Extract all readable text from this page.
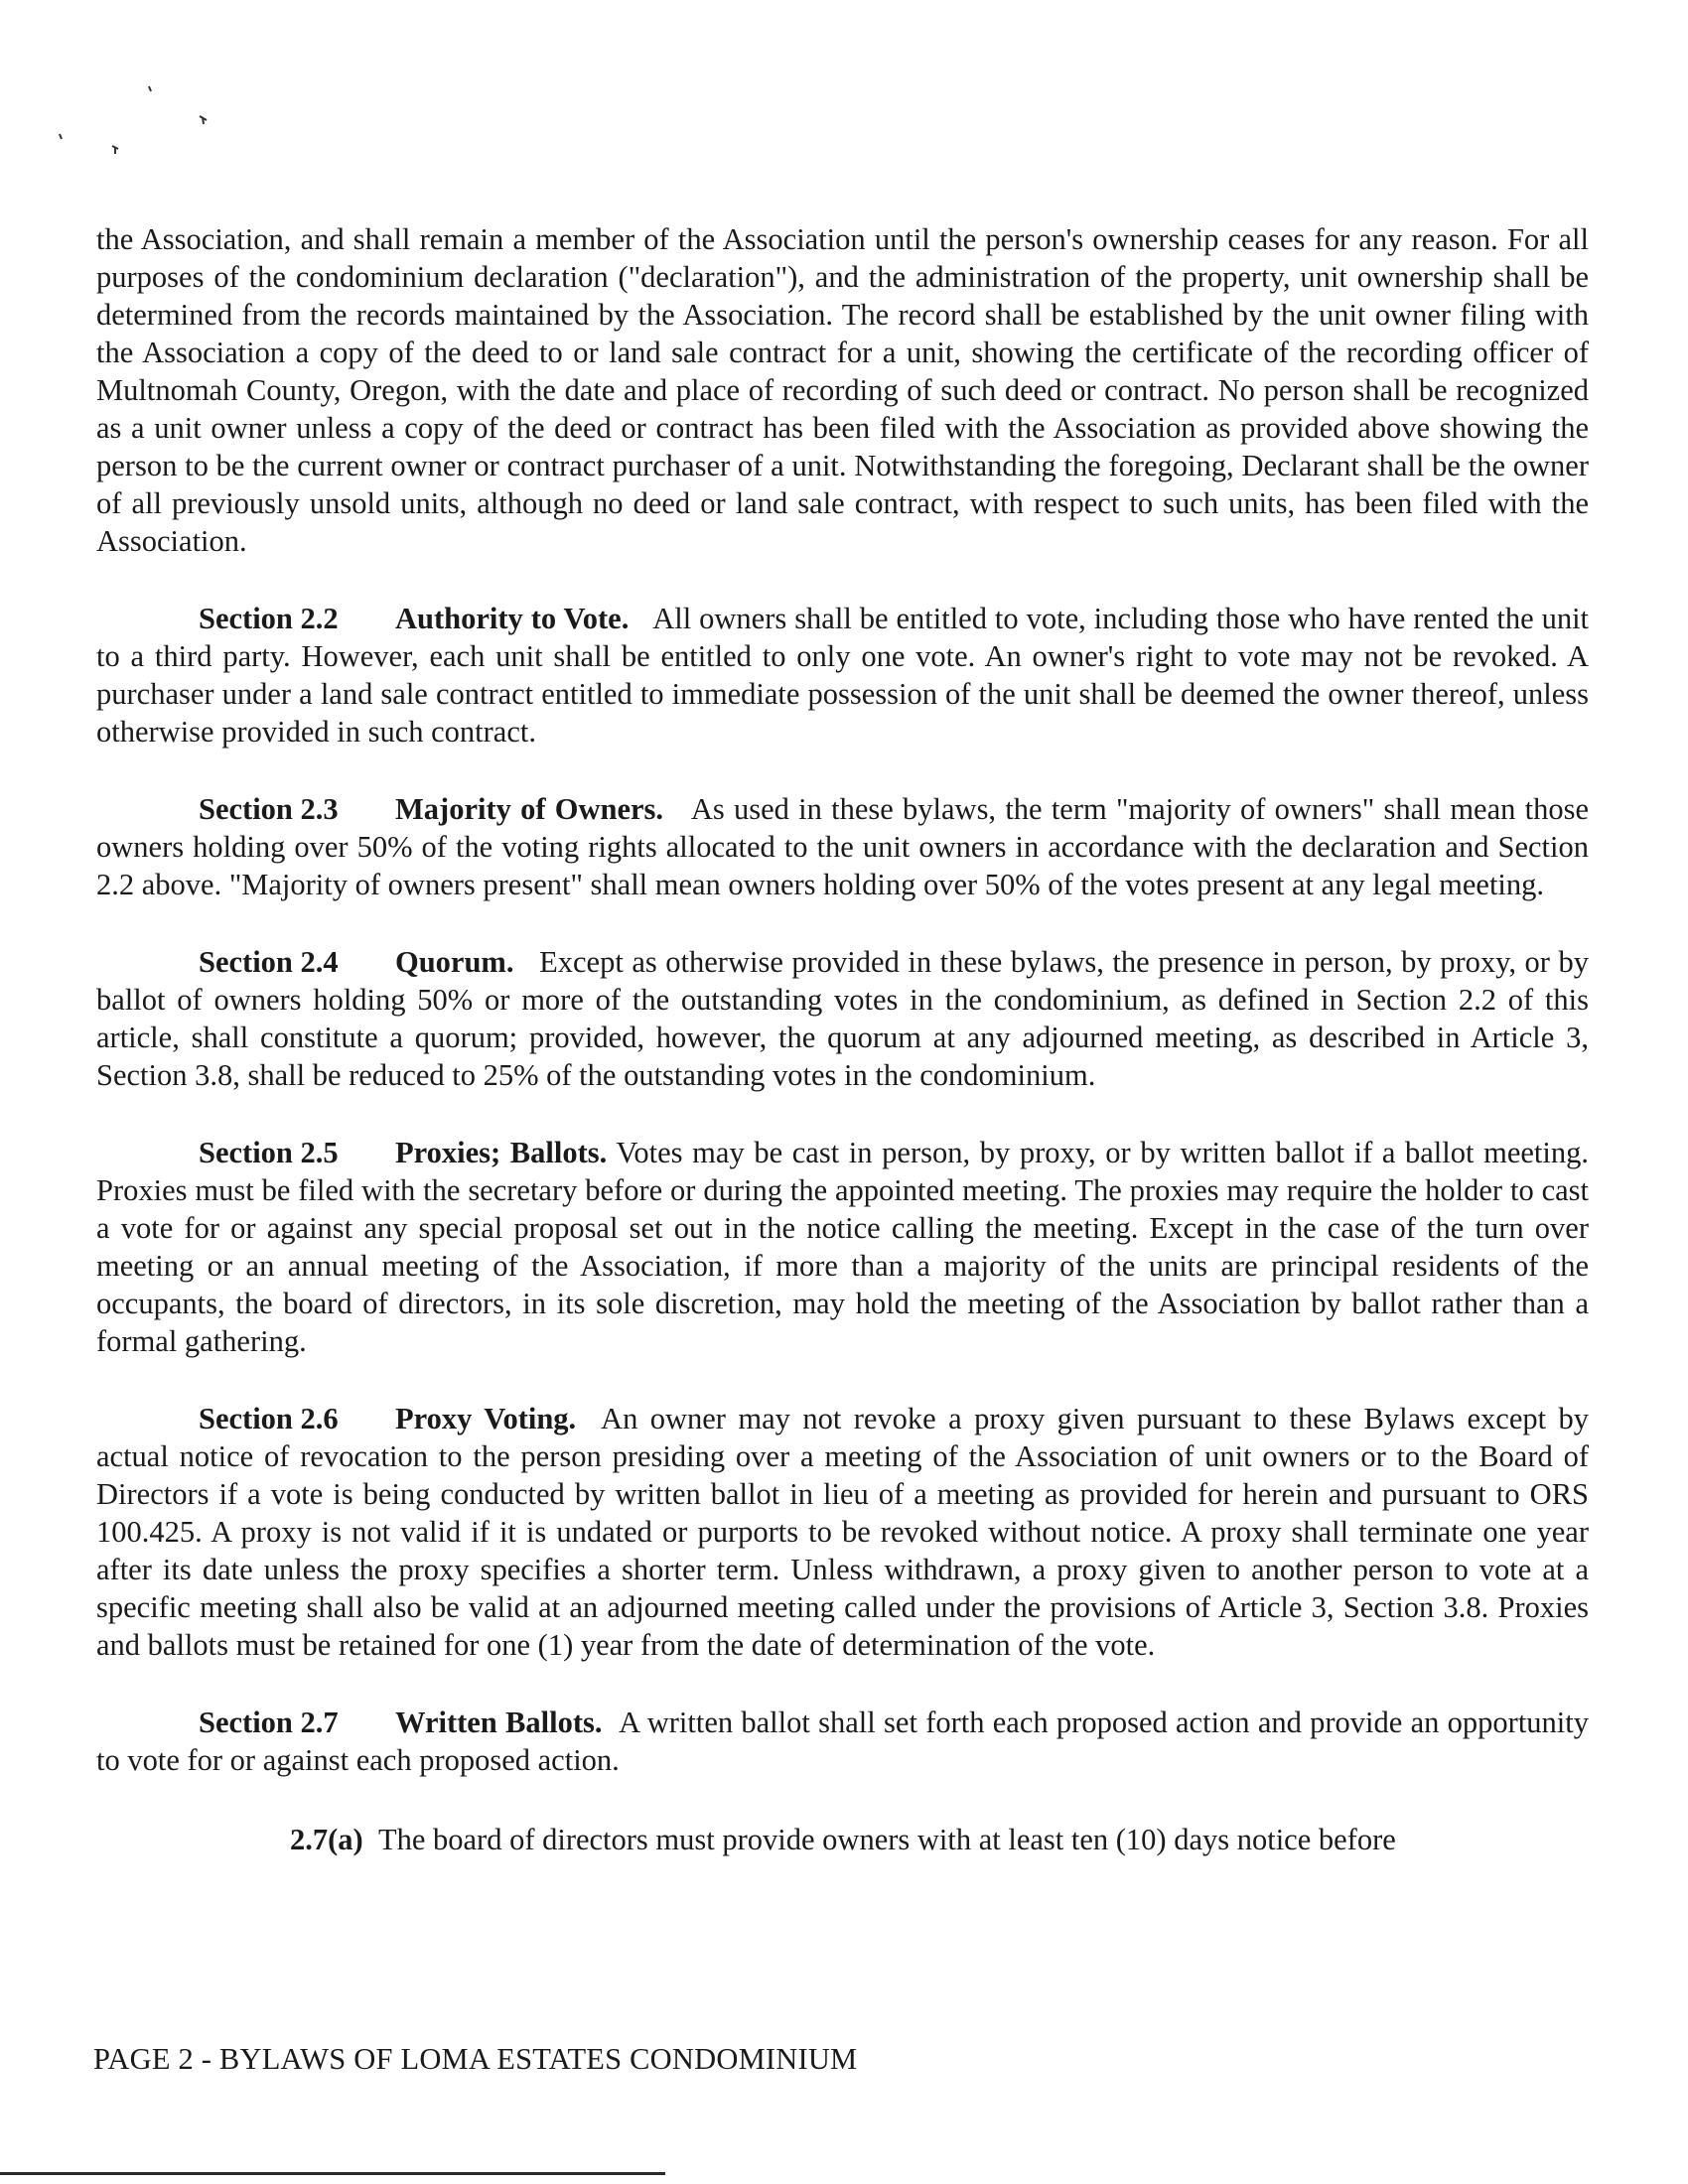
the Association, and shall remain a member of the Association until the person's ownership ceases for any reason. For all purposes of the condominium declaration ("declaration"), and the administration of the property, unit ownership shall be determined from the records maintained by the Association. The record shall be established by the unit owner filing with the Association a copy of the deed to or land sale contract for a unit, showing the certificate of the recording officer of Multnomah County, Oregon, with the date and place of recording of such deed or contract. No person shall be recognized as a unit owner unless a copy of the deed or contract has been filed with the Association as provided above showing the person to be the current owner or contract purchaser of a unit. Notwithstanding the foregoing, Declarant shall be the owner of all previously unsold units, although no deed or land sale contract, with respect to such units, has been filed with the Association.

Section 2.2 Authority to Vote. All owners shall be entitled to vote, including those who have rented the unit to a third party. However, each unit shall be entitled to only one vote. An owner's right to vote may not be revoked. A purchaser under a land sale contract entitled to immediate possession of the unit shall be deemed the owner thereof, unless otherwise provided in such contract.

Section 2.3 Majority of Owners. As used in these bylaws, the term "majority of owners" shall mean those owners holding over 50% of the voting rights allocated to the unit owners in accordance with the declaration and Section 2.2 above. "Majority of owners present" shall mean owners holding over 50% of the votes present at any legal meeting.

Section 2.4 Quorum. Except as otherwise provided in these bylaws, the presence in person, by proxy, or by ballot of owners holding 50% or more of the outstanding votes in the condominium, as defined in Section 2.2 of this article, shall constitute a quorum; provided, however, the quorum at any adjourned meeting, as described in Article 3, Section 3.8, shall be reduced to 25% of the outstanding votes in the condominium.

Section 2.5 Proxies; Ballots. Votes may be cast in person, by proxy, or by written ballot if a ballot meeting. Proxies must be filed with the secretary before or during the appointed meeting. The proxies may require the holder to cast a vote for or against any special proposal set out in the notice calling the meeting. Except in the case of the turn over meeting or an annual meeting of the Association, if more than a majority of the units are principal residents of the occupants, the board of directors, in its sole discretion, may hold the meeting of the Association by ballot rather than a formal gathering.

Section 2.6 Proxy Voting. An owner may not revoke a proxy given pursuant to these Bylaws except by actual notice of revocation to the person presiding over a meeting of the Association of unit owners or to the Board of Directors if a vote is being conducted by written ballot in lieu of a meeting as provided for herein and pursuant to ORS 100.425. A proxy is not valid if it is undated or purports to be revoked without notice. A proxy shall terminate one year after its date unless the proxy specifies a shorter term. Unless withdrawn, a proxy given to another person to vote at a specific meeting shall also be valid at an adjourned meeting called under the provisions of Article 3, Section 3.8. Proxies and ballots must be retained for one (1) year from the date of determination of the vote.

Section 2.7 Written Ballots. A written ballot shall set forth each proposed action and provide an opportunity to vote for or against each proposed action.

2.7(a) The board of directors must provide owners with at least ten (10) days notice before

PAGE 2 - BYLAWS OF LOMA ESTATES CONDOMINIUM
